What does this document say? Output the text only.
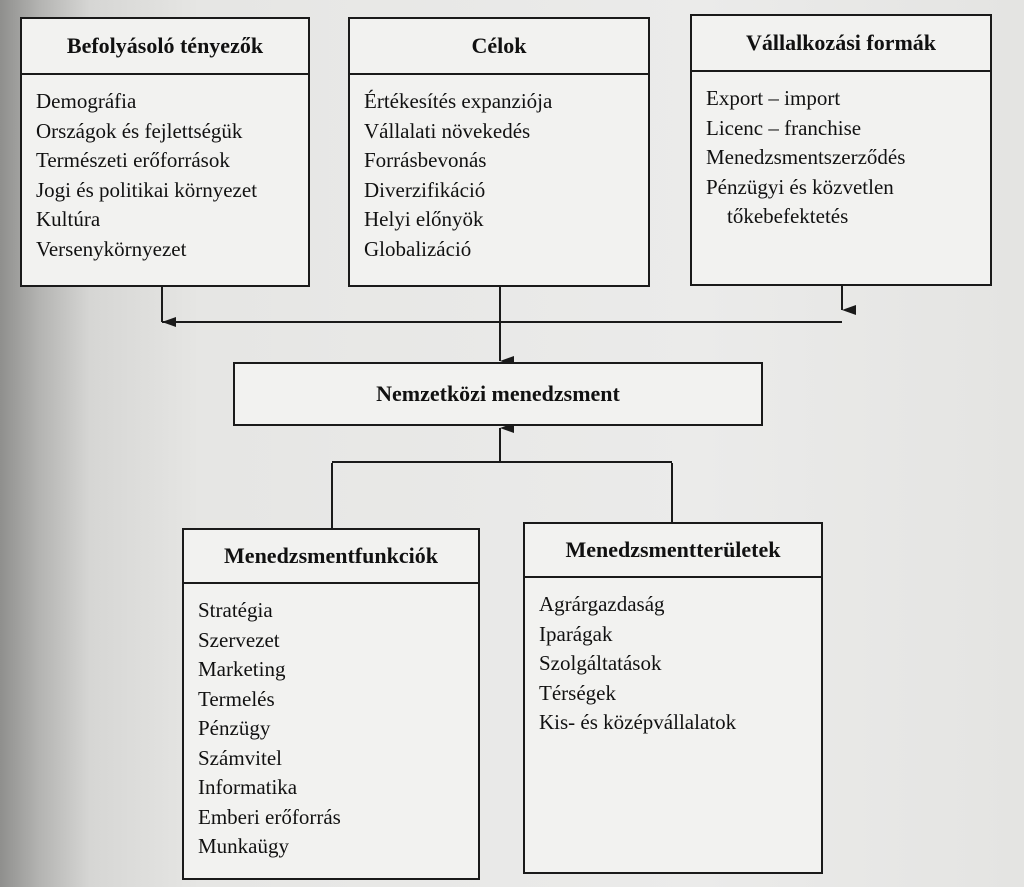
Befolyásoló tényezők
Demográfia
Országok és fejlettségük
Természeti erőforrások
Jogi és politikai környezet
Kultúra
Versenykörnyezet
Célok
Értékesítés expanziója
Vállalati növekedés
Forrásbevonás
Diverzifikáció
Helyi előnyök
Globalizáció
Vállalkozási formák
Export – import
Licenc – franchise
Menedzsmentszerződés
Pénzügyi és közvetlen
tőkebefektetés
Nemzetközi menedzsment
Menedzsmentfunkciók
Stratégia
Szervezet
Marketing
Termelés
Pénzügy
Számvitel
Informatika
Emberi erőforrás
Munkaügy
Menedzsmentterületek
Agrárgazdaság
Iparágak
Szolgáltatások
Térségek
Kis- és középvállalatok
